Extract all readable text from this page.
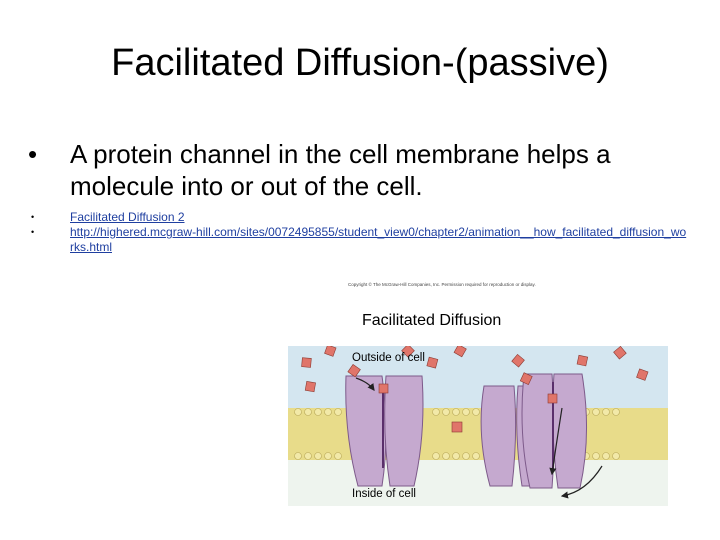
Facilitated Diffusion-(passive)
•	A protein channel in the cell membrane helps a molecule into or out of the cell.
•	Facilitated Diffusion 2
•	http://highered.mcgraw-hill.com/sites/0072495855/student_view0/chapter2/animation__how_facilitated_diffusion_works.html
Copyright © The McGraw-Hill Companies, Inc. Permission required for reproduction or display.
Facilitated Diffusion
Outside of cell
Inside of cell
